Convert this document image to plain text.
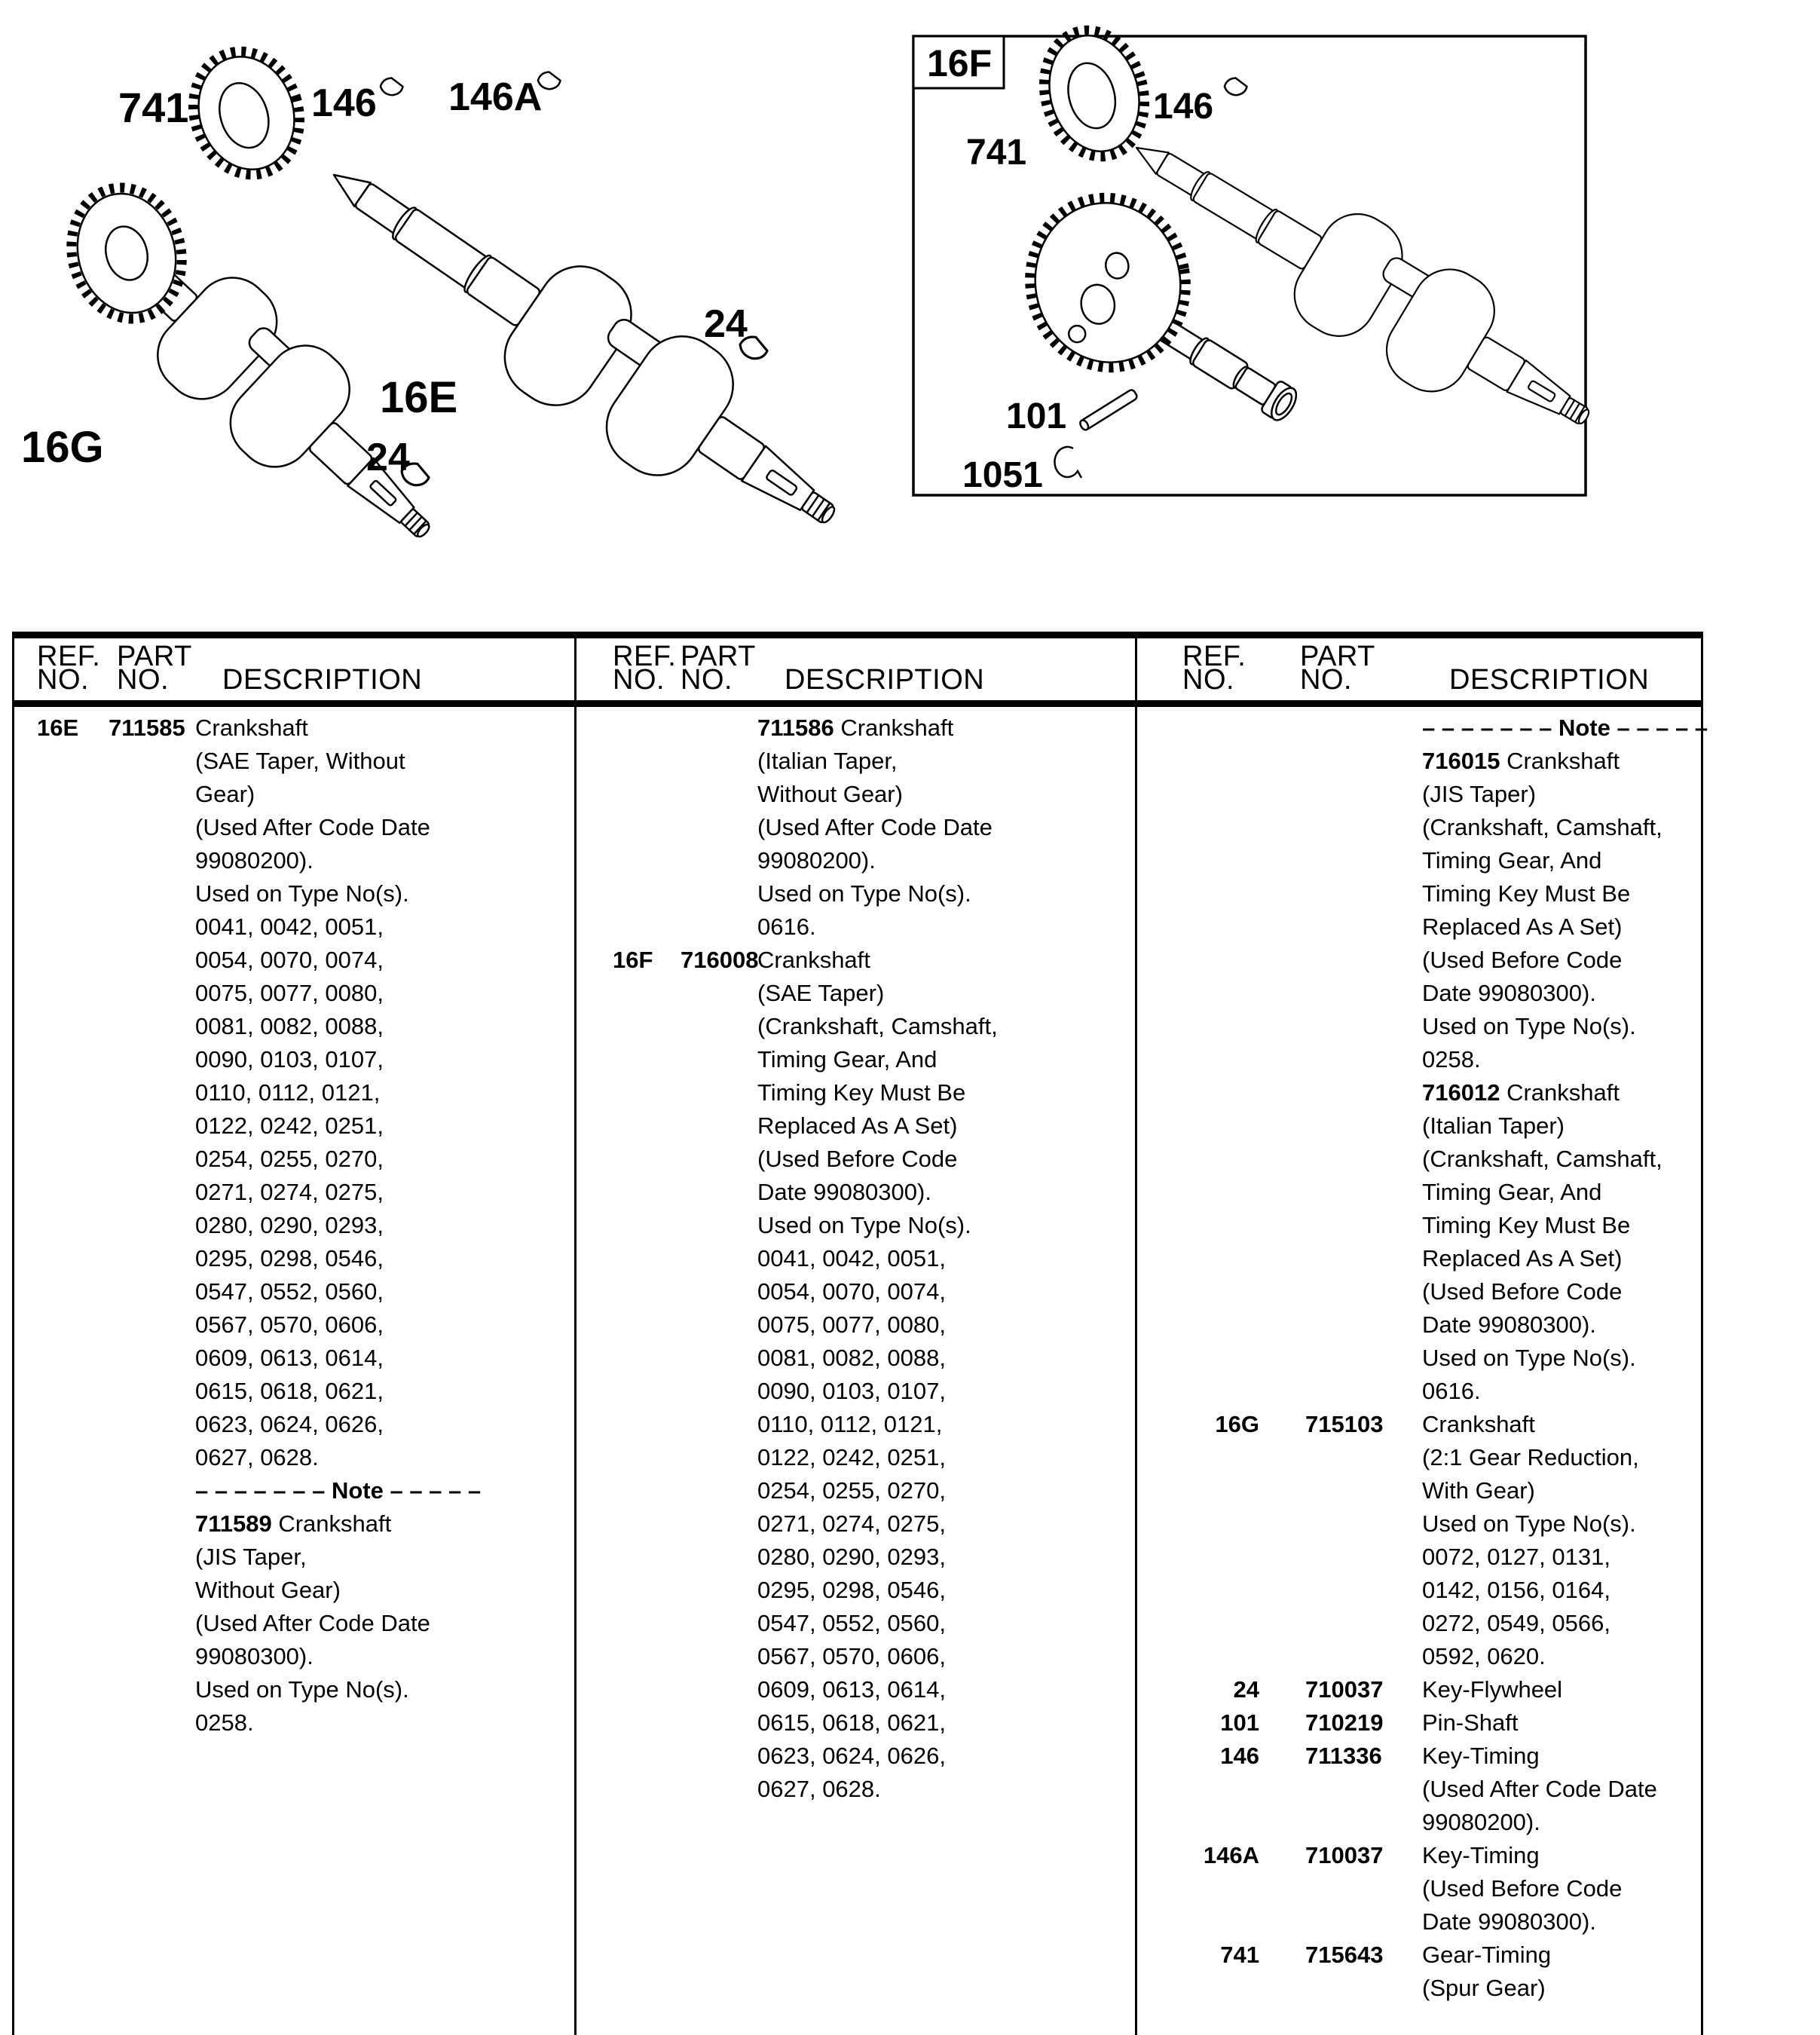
741	146 146A
24
16E
24
16G
16F
741
146
101
1051
REF.
NO.
PART
NO.	DESCRIPTION
16E	711585 Crankshaft
(SAE Taper, Without
Gear)
(Used After Code Date
99080200).
Used on Type No(s).
0041, 0042, 0051,
0054, 0070, 0074,
0075, 0077, 0080,
0081, 0082, 0088,
0090, 0103, 0107,
0110, 0112, 0121,
0122, 0242, 0251,
0254, 0255, 0270,
0271, 0274, 0275,
0280, 0290, 0293,
0295, 0298, 0546,
0547, 0552, 0560,
0567, 0570, 0606,
0609, 0613, 0614,
0615, 0618, 0621,
0623, 0624, 0626,
0627, 0628.
– – – – – – – Note – – – – –
711589 Crankshaft
(JIS Taper,
Without Gear)
(Used After Code Date
99080300).
Used on Type No(s).
0258.
REF.
NO.
PART
NO.	DESCRIPTION
711586 Crankshaft
(Italian Taper,
Without Gear)
(Used After Code Date
99080200).
Used on Type No(s).
0616.
16F	716008
Crankshaft
(SAE Taper)
(Crankshaft, Camshaft,
Timing Gear, And
Timing Key Must Be
Replaced As A Set)
(Used Before Code
Date 99080300).
Used on Type No(s).
0041, 0042, 0051,
0054, 0070, 0074,
0075, 0077, 0080,
0081, 0082, 0088,
0090, 0103, 0107,
0110, 0112, 0121,
0122, 0242, 0251,
0254, 0255, 0270,
0271, 0274, 0275,
0280, 0290, 0293,
0295, 0298, 0546,
0547, 0552, 0560,
0567, 0570, 0606,
0609, 0613, 0614,
0615, 0618, 0621,
0623, 0624, 0626,
0627, 0628.
REF.
NO.
PART
NO.	DESCRIPTION
– – – – – – – Note – – – – –
716015 Crankshaft
(JIS Taper)
(Crankshaft, Camshaft,
Timing Gear, And
Timing Key Must Be
Replaced As A Set)
(Used Before Code
Date 99080300).
Used on Type No(s).
0258.
716012 Crankshaft
(Italian Taper)
(Crankshaft, Camshaft,
Timing Gear, And
Timing Key Must Be
Replaced As A Set)
(Used Before Code
Date 99080300).
Used on Type No(s).
0616.
16G	715103	Crankshaft
(2:1 Gear Reduction,
With Gear)
Used on Type No(s).
0072, 0127, 0131,
0142, 0156, 0164,
0272, 0549, 0566,
0592, 0620.
24	710037	Key-Flywheel
101	710219	Pin-Shaft
146	711336	Key-Timing
(Used After Code Date
99080200).
146A	710037	Key-Timing
(Used Before Code
Date 99080300).
741	715643	Gear-Timing
(Spur Gear)
